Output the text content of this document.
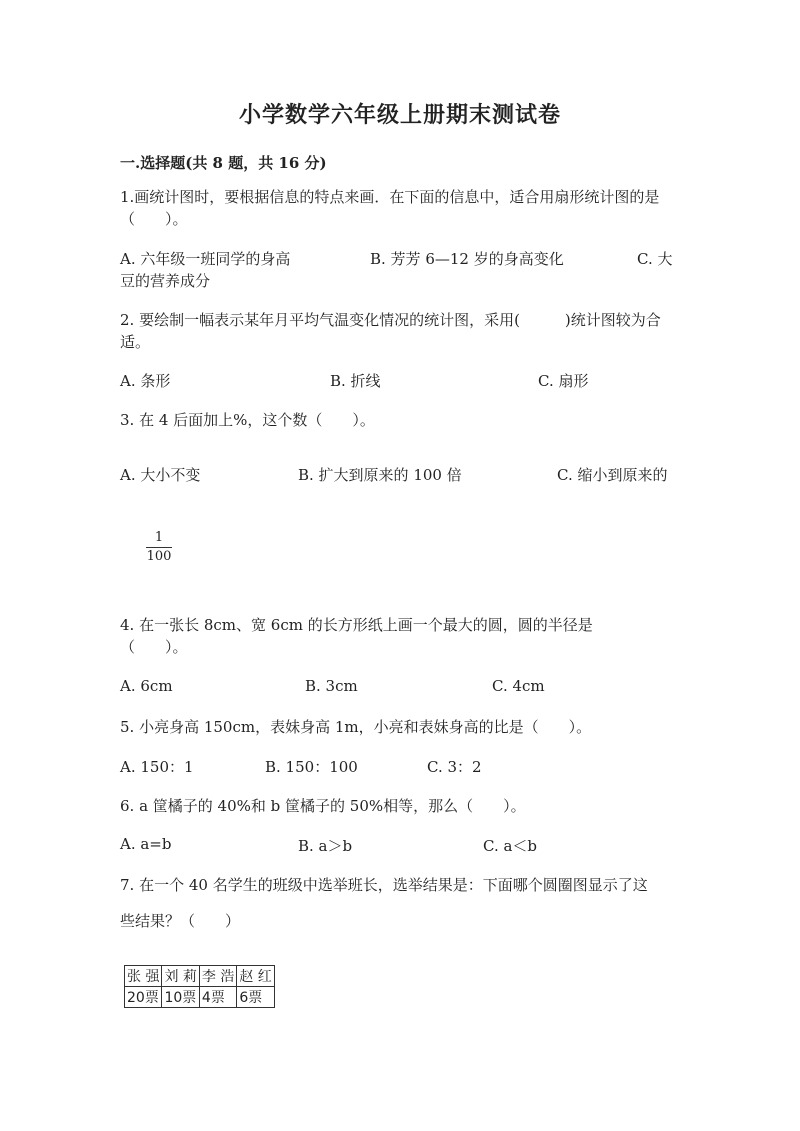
小学数学六年级上册期末测试卷
一.选择题(共 8 题，共 16 分)
1.画统计图时，要根据信息的特点来画．在下面的信息中，适合用扇形统计图的是（　　）。
A. 六年级一班同学的身高	B. 芳芳 6—12 岁的身高变化	C. 大
豆的营养成分
2. 要绘制一幅表示某年月平均气温变化情况的统计图，采用(　　　)统计图较为合适。
A. 条形	B. 折线	C. 扇形
3. 在 4 后面加上%，这个数（　　）。
A. 大小不变	B. 扩大到原来的 100 倍	C. 缩小到原来的
1
100
4. 在一张长 8cm、宽 6cm 的长方形纸上画一个最大的圆，圆的半径是（　　）。
A. 6cm	B. 3cm	C. 4cm
5. 小亮身高 150cm，表妹身高 1m，小亮和表妹身高的比是（　　）。
A. 150：1	B. 150：100	C. 3：2
6. a 筐橘子的 40%和 b 筐橘子的 50%相等，那么（　　）。
A. a=b	B. a＞b	C. a＜b
7. 在一个 40 名学生的班级中选举班长，选举结果是：下面哪个圆圈图显示了这
些结果？（　　）
张 强	刘 莉	李 浩	赵 红
20票	10票	4票	6票
